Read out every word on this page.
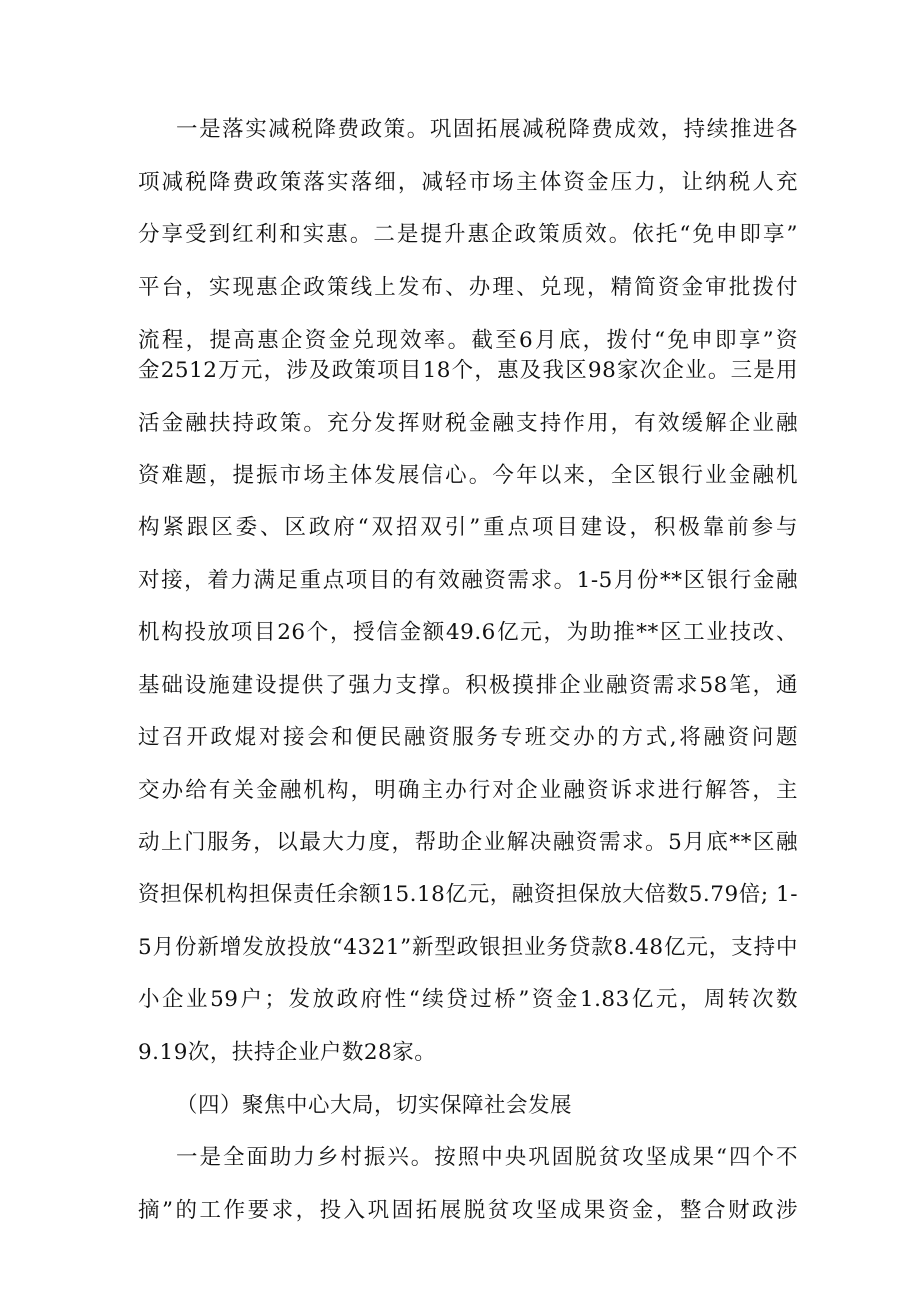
一是落实减税降费政策。巩固拓展减税降费成效，持续推进各
项减税降费政策落实落细，减轻市场主体资金压力，让纳税人充
分享受到红利和实惠。二是提升惠企政策质效。依托“免申即享”
平台，实现惠企政策线上发布、办理、兑现，精简资金审批拨付
流程，提高惠企资金兑现效率。截至6月底，拨付“免申即享”资
金2512万元，涉及政策项目18个，惠及我区98家次企业。三是用
活金融扶持政策。充分发挥财税金融支持作用，有效缓解企业融
资难题，提振市场主体发展信心。今年以来，全区银行业金融机
构紧跟区委、区政府“双招双引”重点项目建设，积极靠前参与
对接，着力满足重点项目的有效融资需求。1-5月份**区银行金融
机构投放项目26个，授信金额49.6亿元，为助推**区工业技改、
基础设施建设提供了强力支撑。积极摸排企业融资需求58笔，通
过召开政焜对接会和便民融资服务专班交办的方式,将融资问题
交办给有关金融机构，明确主办行对企业融资诉求进行解答，主
动上门服务，以最大力度，帮助企业解决融资需求。5月底**区融
资担保机构担保责任余额15.18亿元，融资担保放大倍数5.79倍; 1-
5月份新增发放投放“4321”新型政银担业务贷款8.48亿元，支持中
小企业59户；发放政府性“续贷过桥”资金1.83亿元，周转次数
9.19次，扶持企业户数28家。
（四）聚焦中心大局，切实保障社会发展
一是全面助力乡村振兴。按照中央巩固脱贫攻坚成果“四个不
摘”的工作要求，投入巩固拓展脱贫攻坚成果资金，整合财政涉
